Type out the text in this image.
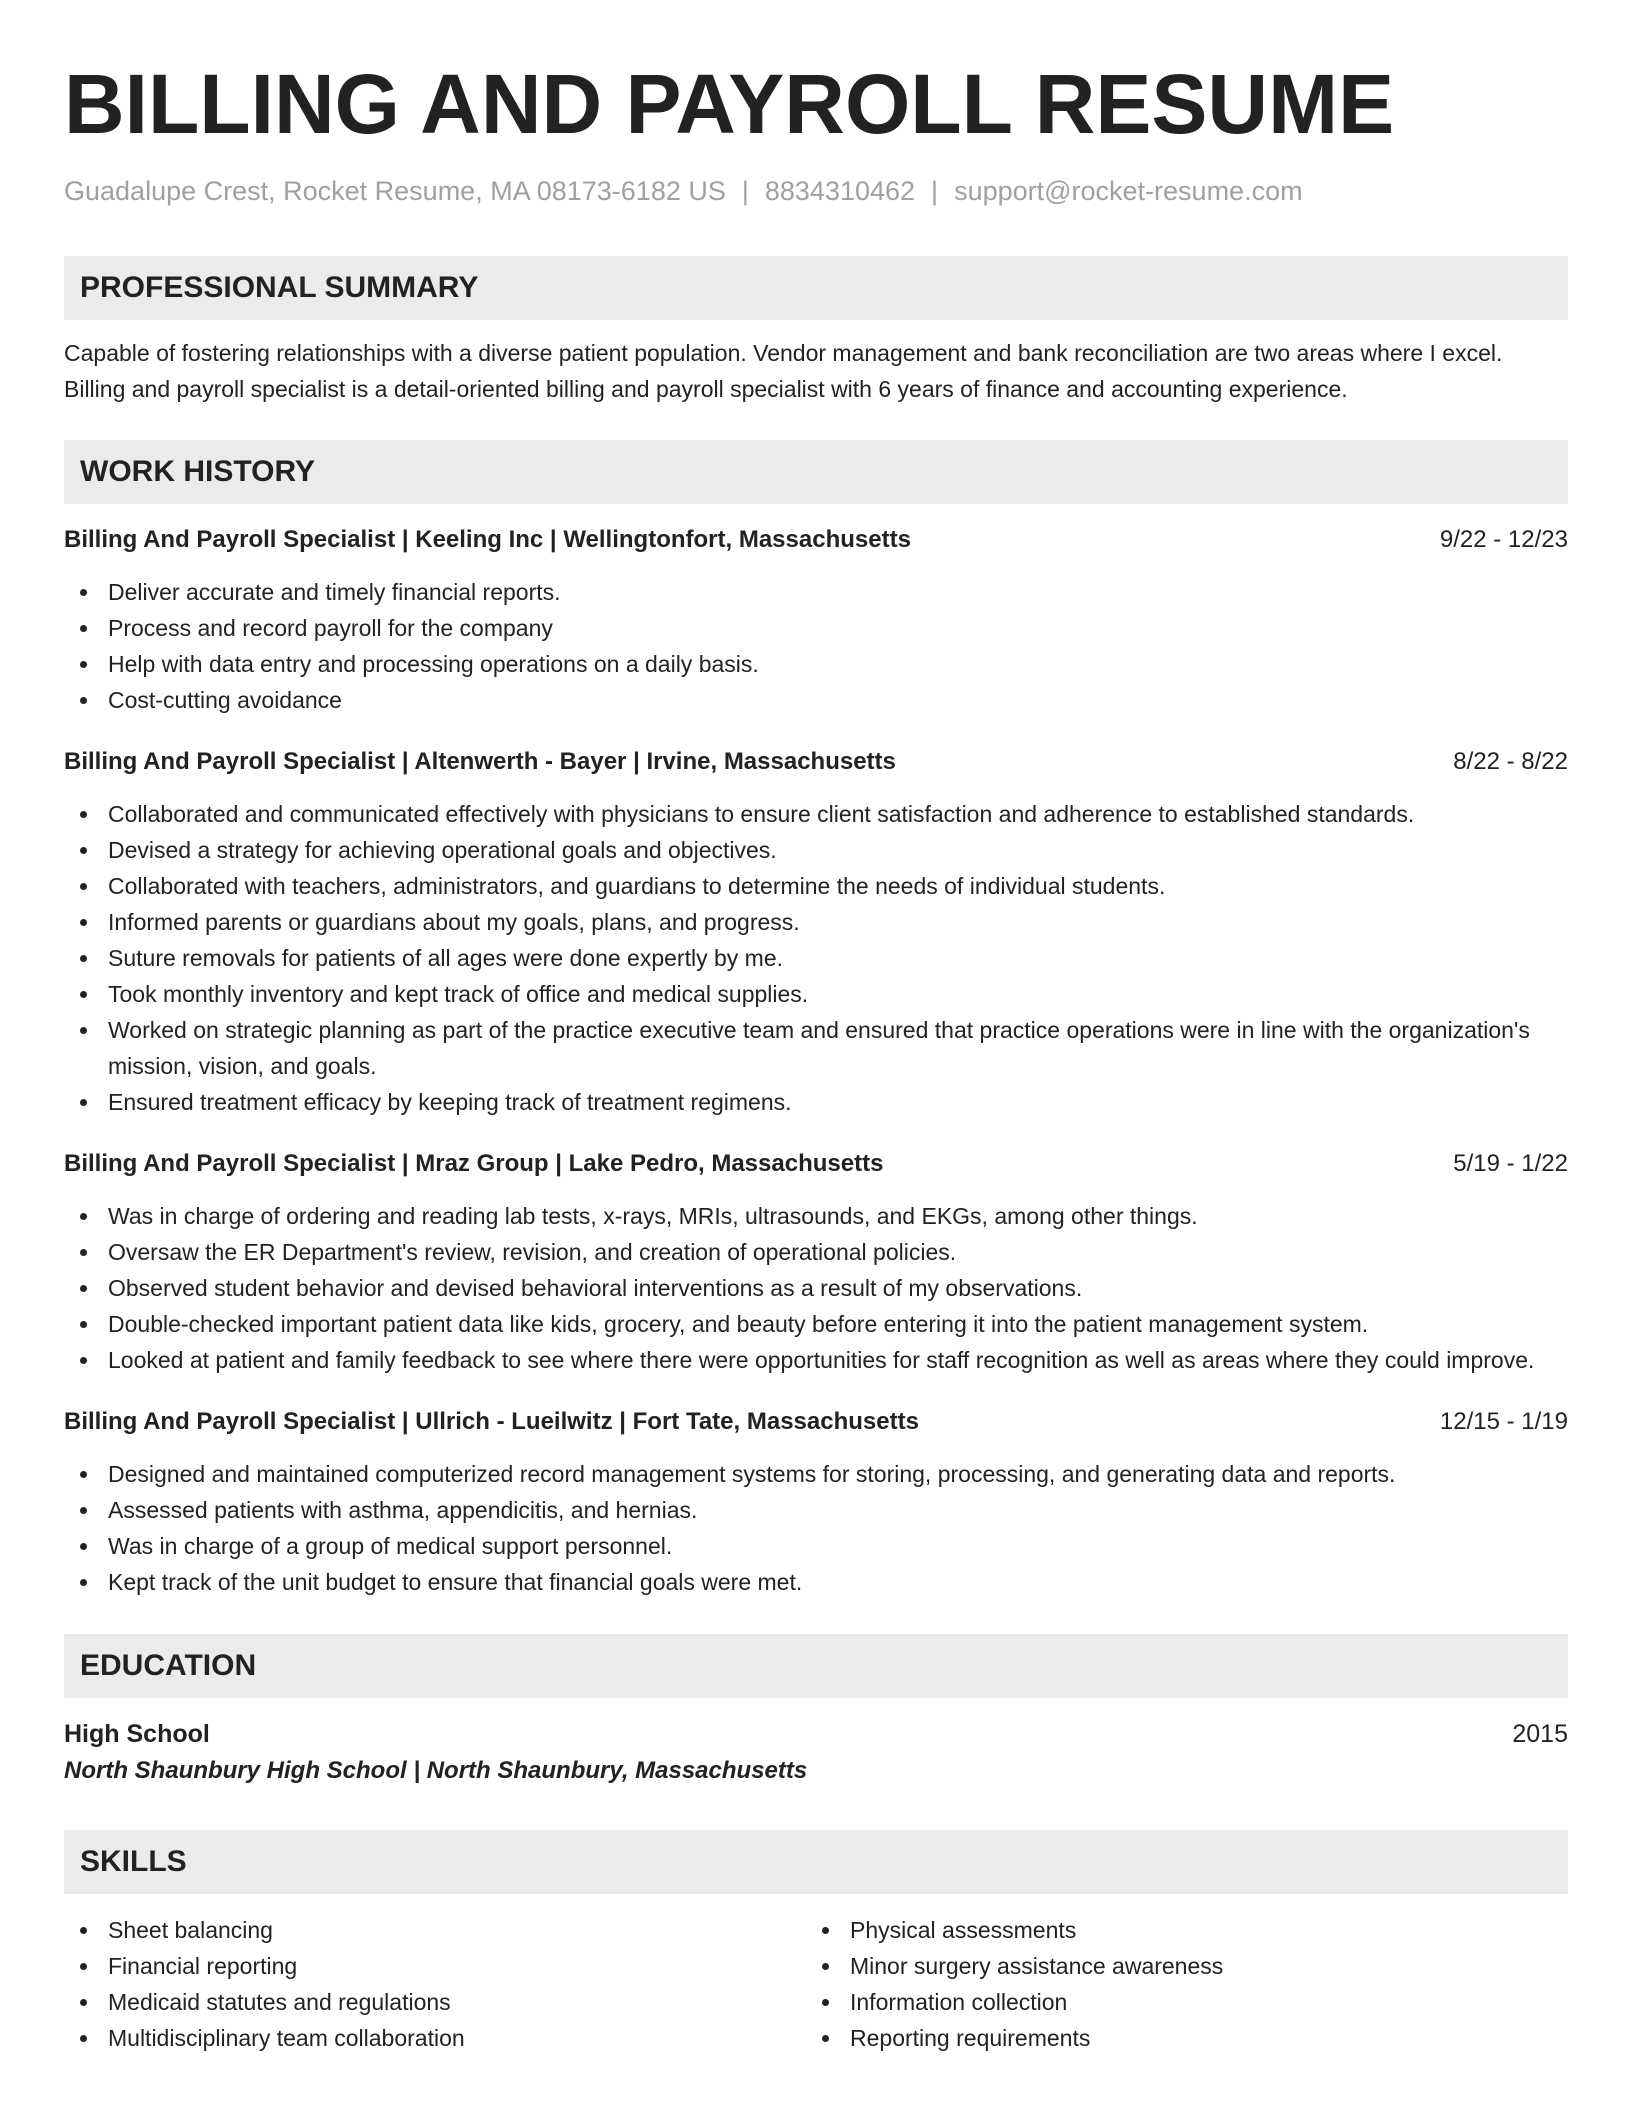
BILLING AND PAYROLL RESUME
Guadalupe Crest, Rocket Resume, MA 08173-6182 US | 8834310462 | support@rocket-resume.com
PROFESSIONAL SUMMARY
Capable of fostering relationships with a diverse patient population. Vendor management and bank reconciliation are two areas where I excel. Billing and payroll specialist is a detail-oriented billing and payroll specialist with 6 years of finance and accounting experience.
WORK HISTORY
Billing And Payroll Specialist | Keeling Inc | Wellingtonfort, Massachusetts	9/22 - 12/23
Deliver accurate and timely financial reports.
Process and record payroll for the company
Help with data entry and processing operations on a daily basis.
Cost-cutting avoidance
Billing And Payroll Specialist | Altenwerth - Bayer | Irvine, Massachusetts	8/22 - 8/22
Collaborated and communicated effectively with physicians to ensure client satisfaction and adherence to established standards.
Devised a strategy for achieving operational goals and objectives.
Collaborated with teachers, administrators, and guardians to determine the needs of individual students.
Informed parents or guardians about my goals, plans, and progress.
Suture removals for patients of all ages were done expertly by me.
Took monthly inventory and kept track of office and medical supplies.
Worked on strategic planning as part of the practice executive team and ensured that practice operations were in line with the organization's mission, vision, and goals.
Ensured treatment efficacy by keeping track of treatment regimens.
Billing And Payroll Specialist | Mraz Group | Lake Pedro, Massachusetts	5/19 - 1/22
Was in charge of ordering and reading lab tests, x-rays, MRIs, ultrasounds, and EKGs, among other things.
Oversaw the ER Department's review, revision, and creation of operational policies.
Observed student behavior and devised behavioral interventions as a result of my observations.
Double-checked important patient data like kids, grocery, and beauty before entering it into the patient management system.
Looked at patient and family feedback to see where there were opportunities for staff recognition as well as areas where they could improve.
Billing And Payroll Specialist | Ullrich - Lueilwitz | Fort Tate, Massachusetts	12/15 - 1/19
Designed and maintained computerized record management systems for storing, processing, and generating data and reports.
Assessed patients with asthma, appendicitis, and hernias.
Was in charge of a group of medical support personnel.
Kept track of the unit budget to ensure that financial goals were met.
EDUCATION
High School	2015
North Shaunbury High School | North Shaunbury, Massachusetts
SKILLS
Sheet balancing
Financial reporting
Medicaid statutes and regulations
Multidisciplinary team collaboration
Physical assessments
Minor surgery assistance awareness
Information collection
Reporting requirements
